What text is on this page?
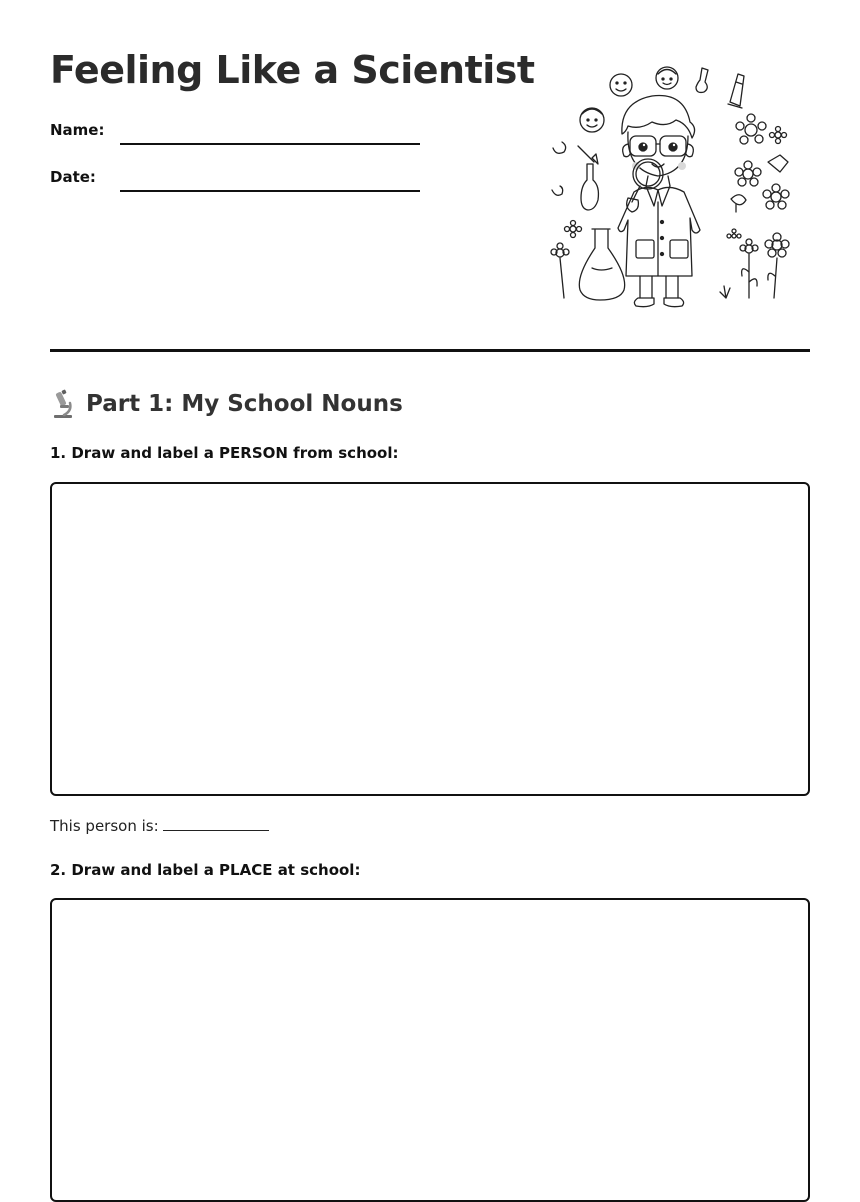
Feeling Like a Scientist
Name:
Date:
Part 1: My School Nouns
1. Draw and label a PERSON from school:
This person is:
2. Draw and label a PLACE at school:
